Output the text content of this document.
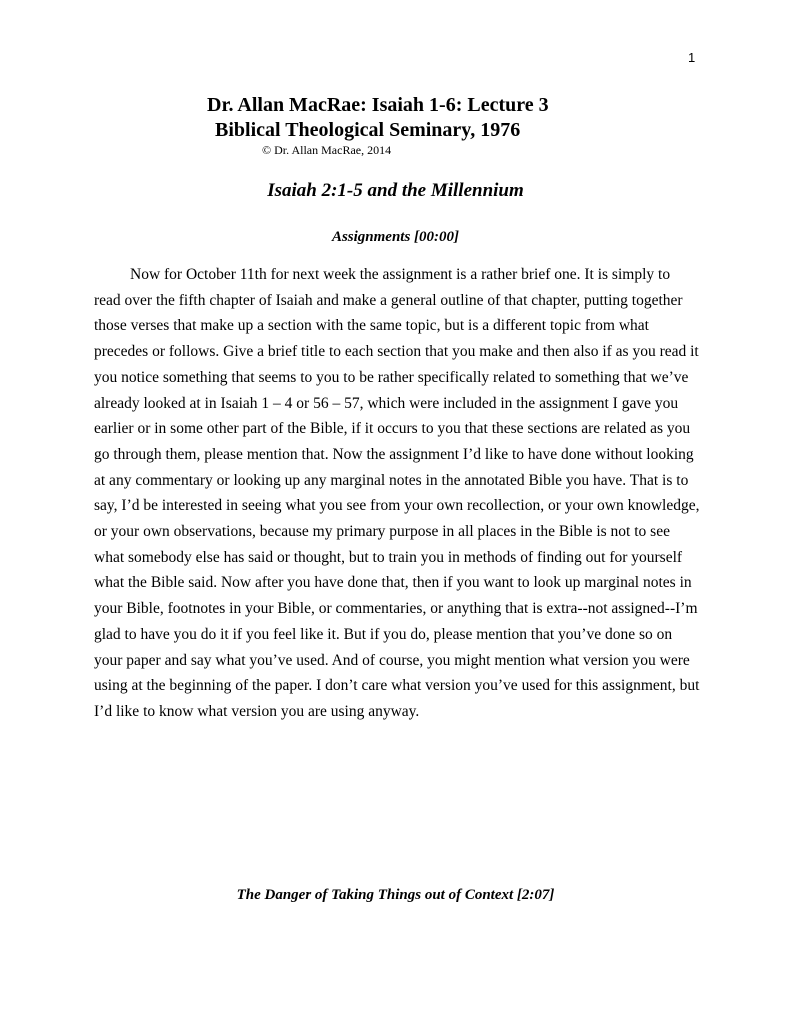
1
Dr. Allan MacRae: Isaiah 1-6: Lecture 3
Biblical Theological Seminary, 1976
© Dr. Allan MacRae, 2014
Isaiah 2:1-5 and the Millennium
Assignments [00:00]

Now for October 11th for next week the assignment is a rather brief one. It is simply to read over the fifth chapter of Isaiah and make a general outline of that chapter, putting together those verses that make up a section with the same topic, but is a different topic from what precedes or follows. Give a brief title to each section that you make and then also if as you read it you notice something that seems to you to be rather specifically related to something that we’ve already looked at in Isaiah 1 – 4 or 56 – 57, which were included in the assignment I gave you earlier or in some other part of the Bible, if it occurs to you that these sections are related as you go through them, please mention that. Now the assignment I’d like to have done without looking at any commentary or looking up any marginal notes in the annotated Bible you have. That is to say, I’d be interested in seeing what you see from your own recollection, or your own knowledge, or your own observations, because my primary purpose in all places in the Bible is not to see what somebody else has said or thought, but to train you in methods of finding out for yourself what the Bible said. Now after you have done that, then if you want to look up marginal notes in your Bible, footnotes in your Bible, or commentaries, or anything that is extra--not assigned--I’m glad to have you do it if you feel like it. But if you do, please mention that you’ve done so on your paper and say what you’ve used. And of course, you might mention what version you were using at the beginning of the paper. I don’t care what version you’ve used for this assignment, but I’d like to know what version you are using anyway.

The Danger of Taking Things out of Context [2:07]
